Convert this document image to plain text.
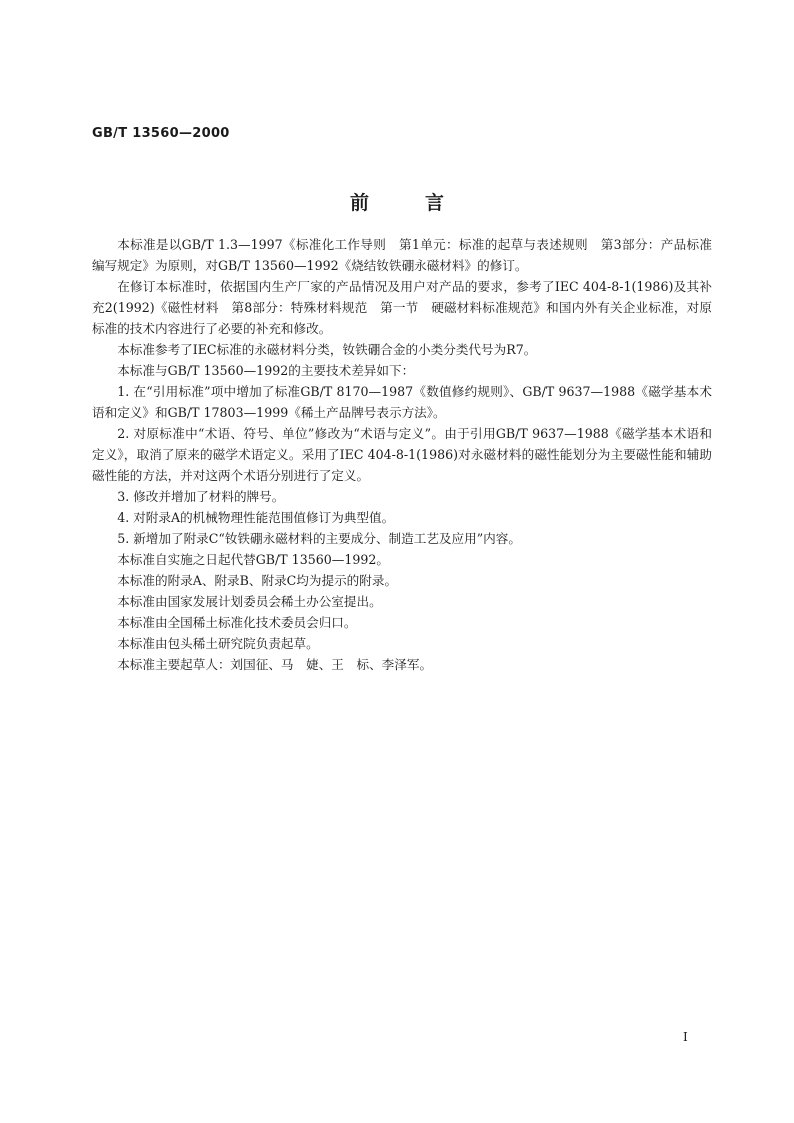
GB/T 13560—2000

前	言

本标准是以GB/T 1.3—1997《标准化工作导则　第1单元：标准的起草与表述规则　第3部分：产品标准编写规定》为原则，对GB/T 13560—1992《烧结钕铁硼永磁材料》的修订。

在修订本标准时，依据国内生产厂家的产品情况及用户对产品的要求，参考了IEC 404-8-1(1986)及其补充2(1992)《磁性材料　第8部分：特殊材料规范　第一节　硬磁材料标准规范》和国内外有关企业标准，对原标准的技术内容进行了必要的补充和修改。

本标准参考了IEC标准的永磁材料分类，钕铁硼合金的小类分类代号为R7。

本标准与GB/T 13560—1992的主要技术差异如下：

1. 在“引用标准”项中增加了标准GB/T 8170—1987《数值修约规则》、GB/T 9637—1988《磁学基本术语和定义》和GB/T 17803—1999《稀土产品牌号表示方法》。

2. 对原标准中“术语、符号、单位”修改为“术语与定义”。由于引用GB/T 9637—1988《磁学基本术语和定义》，取消了原来的磁学术语定义。采用了IEC 404-8-1(1986)对永磁材料的磁性能划分为主要磁性能和辅助磁性能的方法，并对这两个术语分别进行了定义。

3. 修改并增加了材料的牌号。

4. 对附录A的机械物理性能范围值修订为典型值。

5. 新增加了附录C“钕铁硼永磁材料的主要成分、制造工艺及应用”内容。

本标准自实施之日起代替GB/T 13560—1992。

本标准的附录A、附录B、附录C均为提示的附录。

本标准由国家发展计划委员会稀土办公室提出。

本标准由全国稀土标准化技术委员会归口。

本标准由包头稀土研究院负责起草。

本标准主要起草人：刘国征、马　婕、王　标、李泽军。

I
